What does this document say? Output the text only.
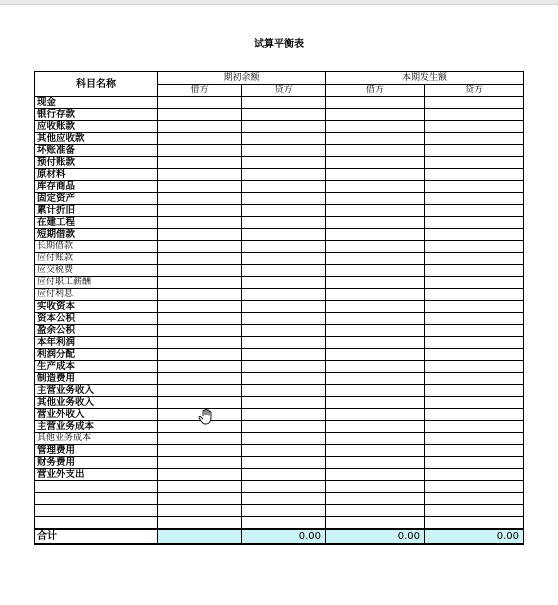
试算平衡表
科目名称	期初余额		本期发生额	
	借方	贷方	借方	贷方
现金				
银行存款				
应收账款				
其他应收款				
坏账准备				
预付账款				
原材料				
库存商品				
固定资产				
累计折旧				
在建工程				
短期借款				
长期借款				
应付账款				
应交税费				
应付职工薪酬				
应付利息				
实收资本				
资本公积				
盈余公积				
本年利润				
利润分配				
生产成本				
制造费用				
主营业务收入				
其他业务收入				
营业外收入				
主营业务成本				
其他业务成本				
管理费用				
财务费用				
营业外支出				

合计		0.00	0.00	0.00
